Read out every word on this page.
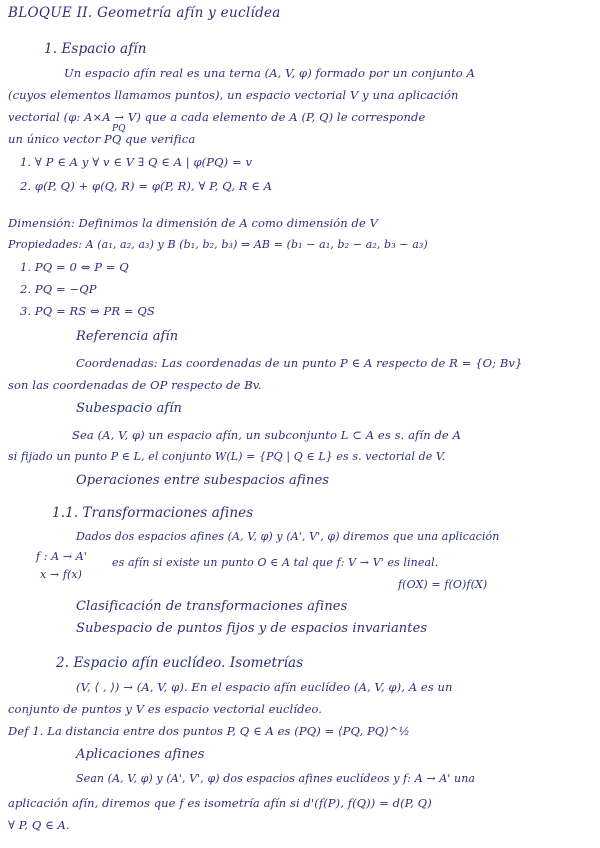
BLOQUE II. Geometría afín y euclídea
1. Espacio afín
Un espacio afín real es una terna (A, V, φ) formado por un conjunto A
(cuyos elementos llamamos puntos), un espacio vectorial V y una aplicación
vectorial (φ: A×A → V) que a cada elemento de A (P, Q) le corresponde
PQ
un único vector PQ que verifica
1. ∀ P ∈ A y ∀ v ∈ V ∃ Q ∈ A | φ(PQ) = v
2. φ(P, Q) + φ(Q, R) = φ(P, R), ∀ P, Q, R ∈ A
Dimensión: Definimos la dimensión de A como dimensión de V
Propiedades: A (a₁, a₂, a₃) y B (b₁, b₂, b₃) ⇒ AB = (b₁ − a₁, b₂ − a₂, b₃ − a₃)
1. PQ = 0 ⇔ P = Q
2. PQ = −QP
3. PQ = RS ⇔ PR = QS
Referencia afín
Coordenadas: Las coordenadas de un punto P ∈ A respecto de R = {O; Bv}
son las coordenadas de OP respecto de Bv.
Subespacio afín
Sea (A, V, φ) un espacio afín, un subconjunto L ⊂ A es s. afín de A
si fijado un punto P ∈ L, el conjunto W(L) = {PQ | Q ∈ L} es s. vectorial de V.
Operaciones entre subespacios afines
1.1. Transformaciones afines
Dados dos espacios afines (A, V, φ) y (A', V', φ) diremos que una aplicación
f : A → A' es afín si existe un punto O ∈ A tal que f: V → V' es lineal.
x → f(x)
f(OX) = f(O)f(X)
Clasificación de transformaciones afines
Subespacio de puntos fijos y de espacios invariantes
2. Espacio afín euclídeo. Isometrías
(V, ⟨ , ⟩) → (A, V, φ). En el espacio afín euclídeo (A, V, φ), A es un
conjunto de puntos y V es espacio vectorial euclídeo.
Def 1. La distancia entre dos puntos P, Q ∈ A es (PQ) = ⟨PQ, PQ⟩^½
Aplicaciones afines
Sean (A, V, φ) y (A', V', φ) dos espacios afines euclídeos y f: A → A' una
aplicación afín, diremos que f es isometría afín si d'(f(P), f(Q)) = d(P, Q)
∀ P, Q ∈ A.
